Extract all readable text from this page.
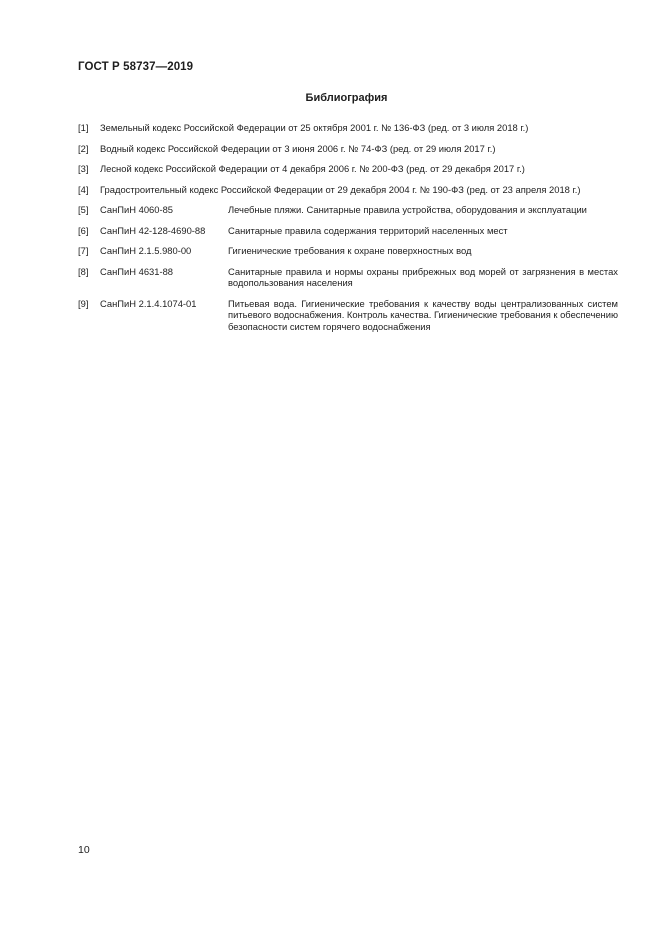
ГОСТ Р 58737—2019
Библиография
[1]	Земельный кодекс Российской Федерации от 25 октября 2001 г. № 136-ФЗ (ред. от 3 июля 2018 г.)
[2]	Водный кодекс Российской Федерации от 3 июня 2006 г. № 74-ФЗ (ред. от 29 июля 2017 г.)
[3]	Лесной кодекс Российской Федерации от 4 декабря 2006 г. № 200-ФЗ (ред. от 29 декабря 2017 г.)
[4]	Градостроительный кодекс Российской Федерации от 29 декабря 2004 г. № 190-ФЗ (ред. от 23 апреля 2018 г.)
[5]	СанПиН 4060-85	Лечебные пляжи. Санитарные правила устройства, оборудования и эксплуатации
[6]	СанПиН 42-128-4690-88	Санитарные правила содержания территорий населенных мест
[7]	СанПиН 2.1.5.980-00	Гигиенические требования к охране поверхностных вод
[8]	СанПиН 4631-88	Санитарные правила и нормы охраны прибрежных вод морей от загрязнения в местах водопользования населения
[9]	СанПиН 2.1.4.1074-01	Питьевая вода. Гигиенические требования к качеству воды централизованных систем питьевого водоснабжения. Контроль качества. Гигиенические требования к обеспечению безопасности систем горячего водоснабжения
10
